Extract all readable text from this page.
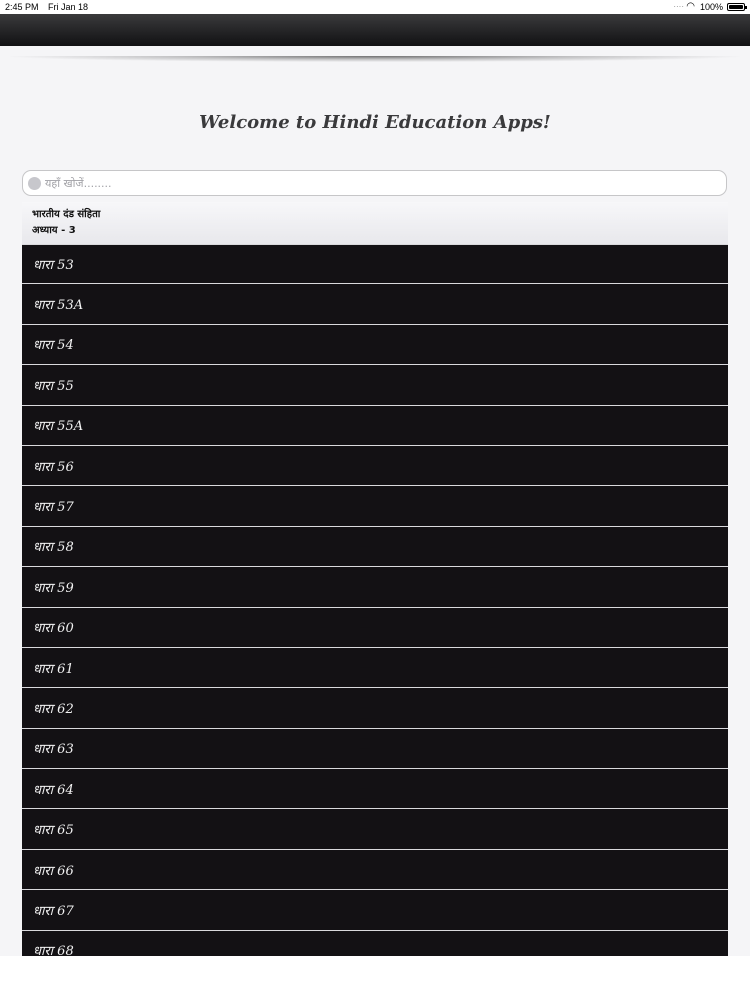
2:45 PM Fri Jan 18	···· ◠ 100%
Welcome to Hindi Education Apps!
यहाँ खोजें........
भारतीय दंड संहिता
अध्याय - 3
धारा 53
धारा 53A
धारा 54
धारा 55
धारा 55A
धारा 56
धारा 57
धारा 58
धारा 59
धारा 60
धारा 61
धारा 62
धारा 63
धारा 64
धारा 65
धारा 66
धारा 67
धारा 68
